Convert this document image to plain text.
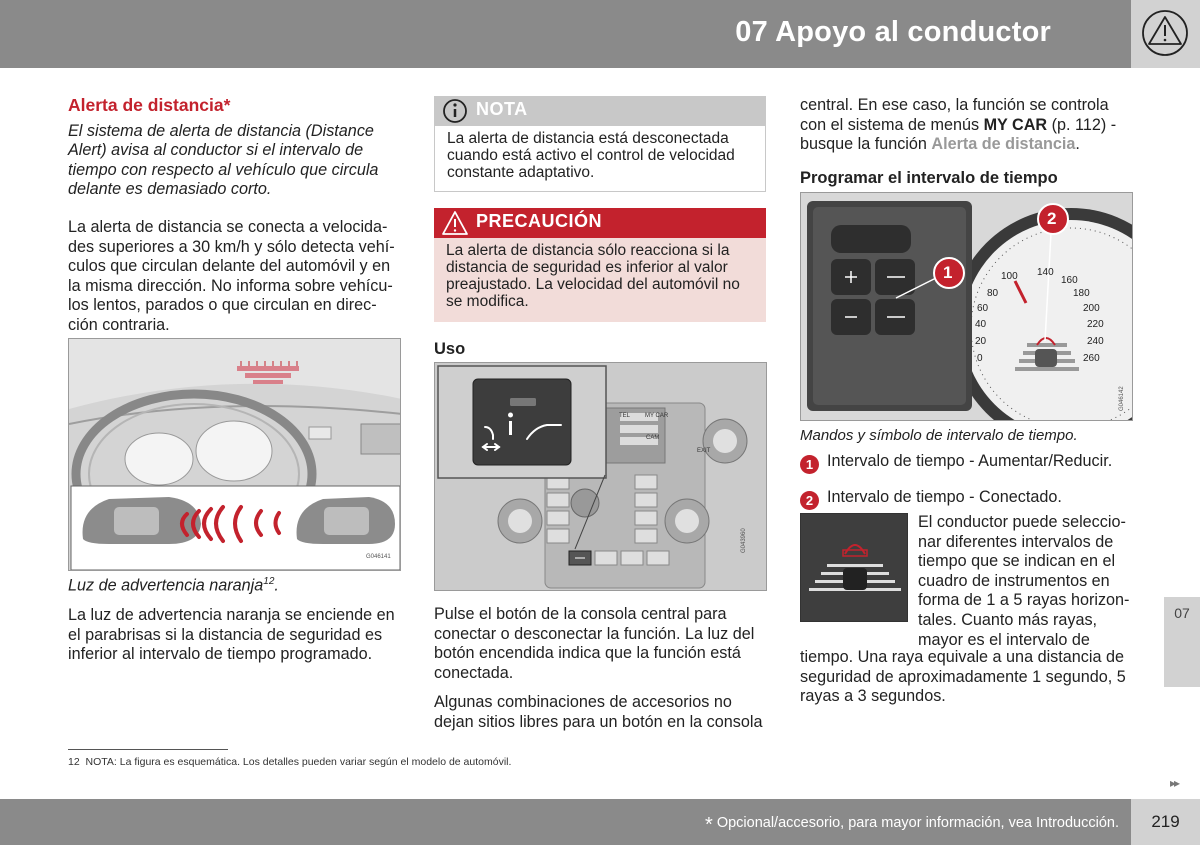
07 Apoyo al conductor
Alerta de distancia*
El sistema de alerta de distancia (Distance Alert) avisa al conductor si el intervalo de tiempo con respecto al vehículo que circula delante es demasiado corto.
La alerta de distancia se conecta a velocida-des superiores a 30 km/h y sólo detecta vehí-culos que circulan delante del automóvil y en la misma dirección. No informa sobre vehícu-los lentos, parados o que circulan en direc-ción contraria.
G046141
Luz de advertencia naranja$^{12}$.
La luz de advertencia naranja se enciende en el parabrisas si la distancia de seguridad es inferior al intervalo de tiempo programado.
NOTA
La alerta de distancia está desconectada cuando está activo el control de velocidad constante adaptativo.
PRECAUCIÓN
La alerta de distancia sólo reacciona si la distancia de seguridad es inferior al valor preajustado. La velocidad del automóvil no se modifica.
Uso
TEL MY CAR
CAM
EXIT
G043960
Pulse el botón de la consola central para conectar o desconectar la función. La luz del botón encendida indica que la función está conectada.
Algunas combinaciones de accesorios no dejan sitios libres para un botón en la consola
central. En ese caso, la función se controla con el sistema de menús MY CAR (p. 112) - busque la función Alerta de distancia.
Programar el intervalo de tiempo
1
2
100 140
160
180
200
220
240
260
80
60
40
20
0
G046142
Mandos y símbolo de intervalo de tiempo.
1 Intervalo de tiempo - Aumentar/Reducir.
2 Intervalo de tiempo - Conectado.
El conductor puede seleccio-nar diferentes intervalos de tiempo que se indican en el cuadro de instrumentos en forma de 1 a 5 rayas horizon-tales. Cuanto más rayas, mayor es el intervalo de
tiempo. Una raya equivale a una distancia de seguridad de aproximadamente 1 segundo, 5 rayas a 3 segundos.
07
12 NOTA: La figura es esquemática. Los detalles pueden variar según el modelo de automóvil.
▸▸
* Opcional/accesorio, para mayor información, vea Introducción.	219
